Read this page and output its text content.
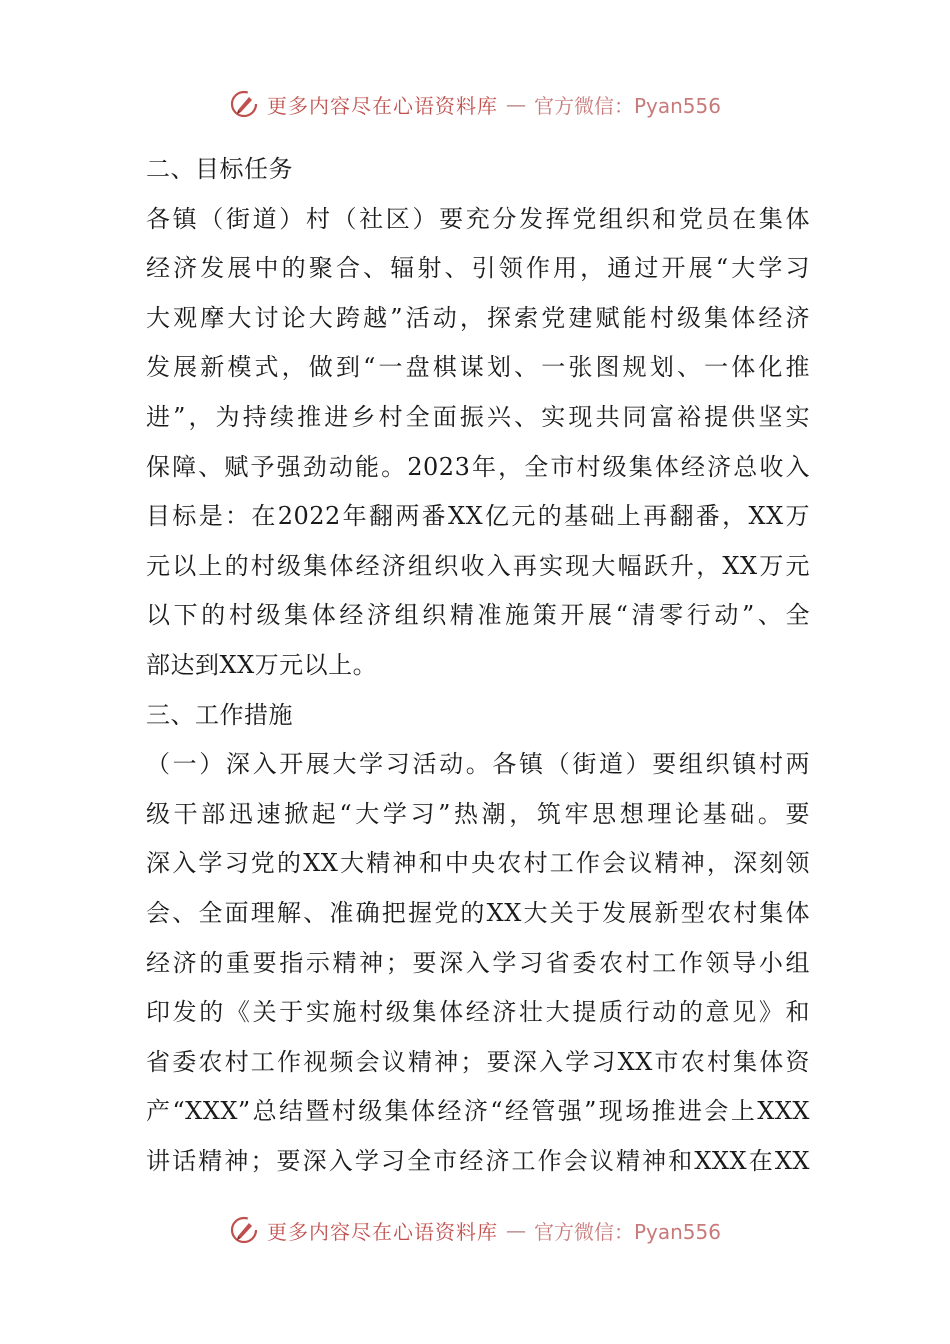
更多内容尽在心语资料库 — 官方微信：Pyan556
二、目标任务
各镇（街道）村（社区）要充分发挥党组织和党员在集体
经济发展中的聚合、辐射、引领作用，通过开展“大学习
大观摩大讨论大跨越”活动，探索党建赋能村级集体经济
发展新模式，做到“一盘棋谋划、一张图规划、一体化推
进”，为持续推进乡村全面振兴、实现共同富裕提供坚实
保障、赋予强劲动能。2023年，全市村级集体经济总收入
目标是：在2022年翻两番XX亿元的基础上再翻番，XX万
元以上的村级集体经济组织收入再实现大幅跃升，XX万元
以下的村级集体经济组织精准施策开展“清零行动”、全
部达到XX万元以上。
三、工作措施
（一）深入开展大学习活动。各镇（街道）要组织镇村两
级干部迅速掀起“大学习”热潮，筑牢思想理论基础。要
深入学习党的XX大精神和中央农村工作会议精神，深刻领
会、全面理解、准确把握党的XX大关于发展新型农村集体
经济的重要指示精神；要深入学习省委农村工作领导小组
印发的《关于实施村级集体经济壮大提质行动的意见》和
省委农村工作视频会议精神；要深入学习XX市农村集体资
产“XXX”总结暨村级集体经济“经管强”现场推进会上XXX
讲话精神；要深入学习全市经济工作会议精神和XXX在XX
更多内容尽在心语资料库 — 官方微信：Pyan556
